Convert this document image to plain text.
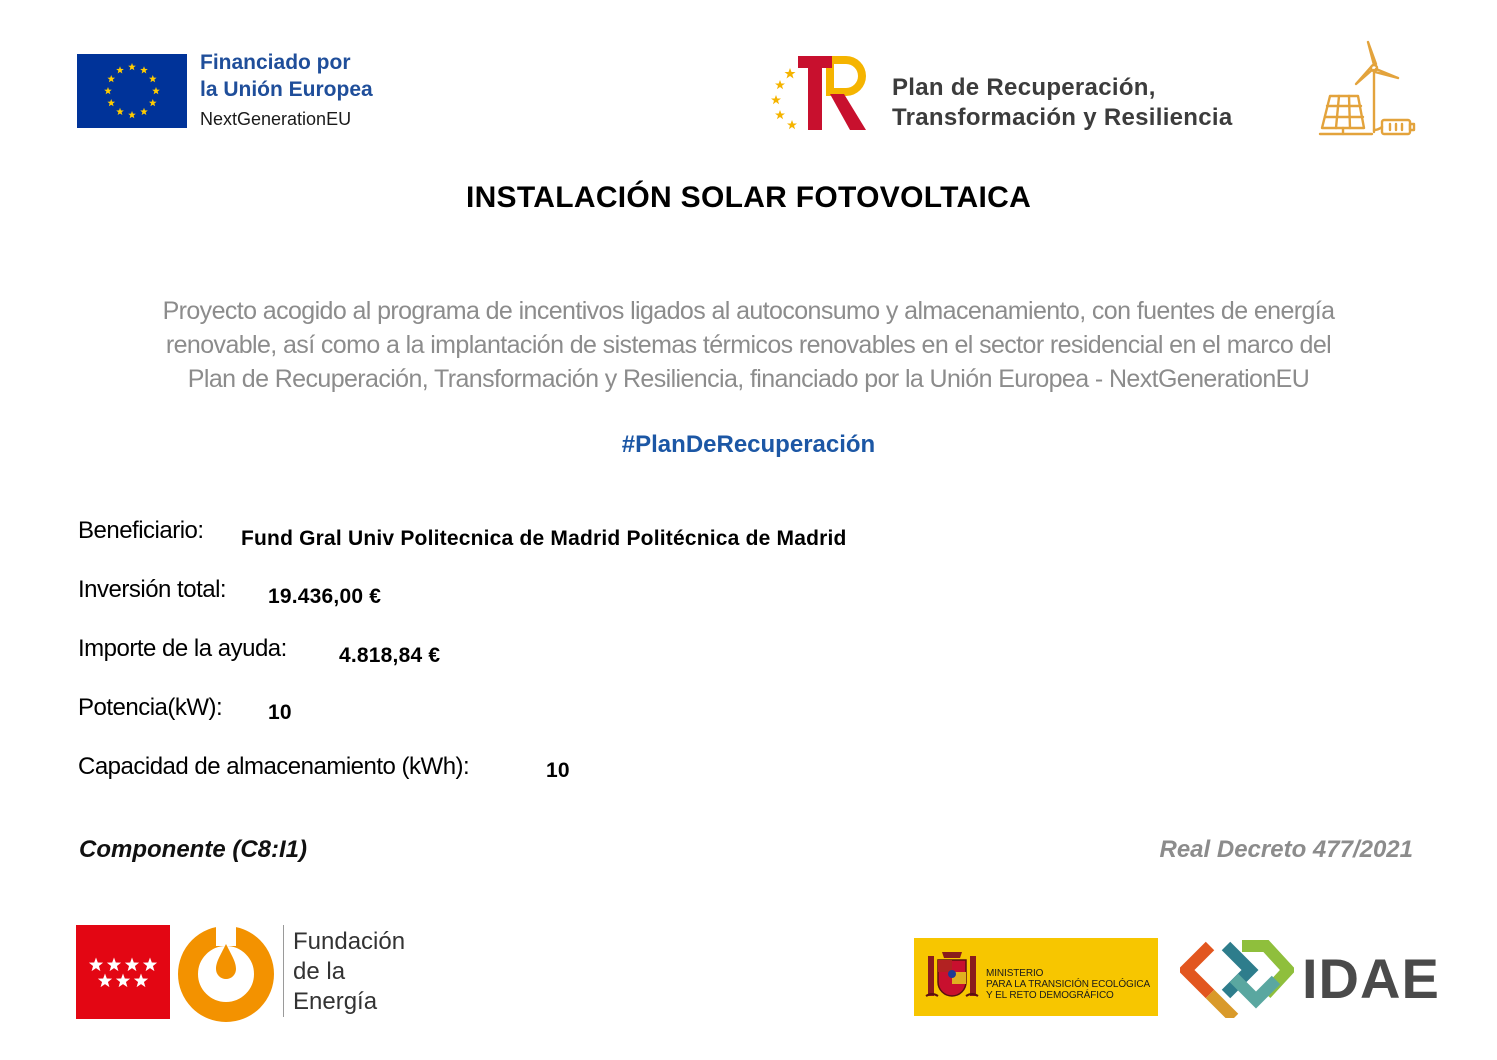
Financiado por
la Unión Europea
NextGenerationEU
Plan de Recuperación,
Transformación y Resiliencia
INSTALACIÓN SOLAR FOTOVOLTAICA
Proyecto acogido al programa de incentivos ligados al autoconsumo y almacenamiento, con fuentes de energía
renovable, así como a la implantación de sistemas térmicos renovables en el sector residencial en el marco del
Plan de Recuperación, Transformación y Resiliencia, financiado por la Unión Europea - NextGenerationEU
#PlanDeRecuperación
Beneficiario: Fund Gral Univ Politecnica de Madrid Politécnica de Madrid
Inversión total: 19.436,00 €
Importe de la ayuda: 4.818,84 €
Potencia(kW): 10
Capacidad de almacenamiento (kWh):	10
Componente (C8:I1)	Real Decreto 477/2021
Fundación
de la
Energía
MINISTERIO
PARA LA TRANSICIÓN ECOLÓGICA
Y EL RETO DEMOGRÁFICO	IDAE
